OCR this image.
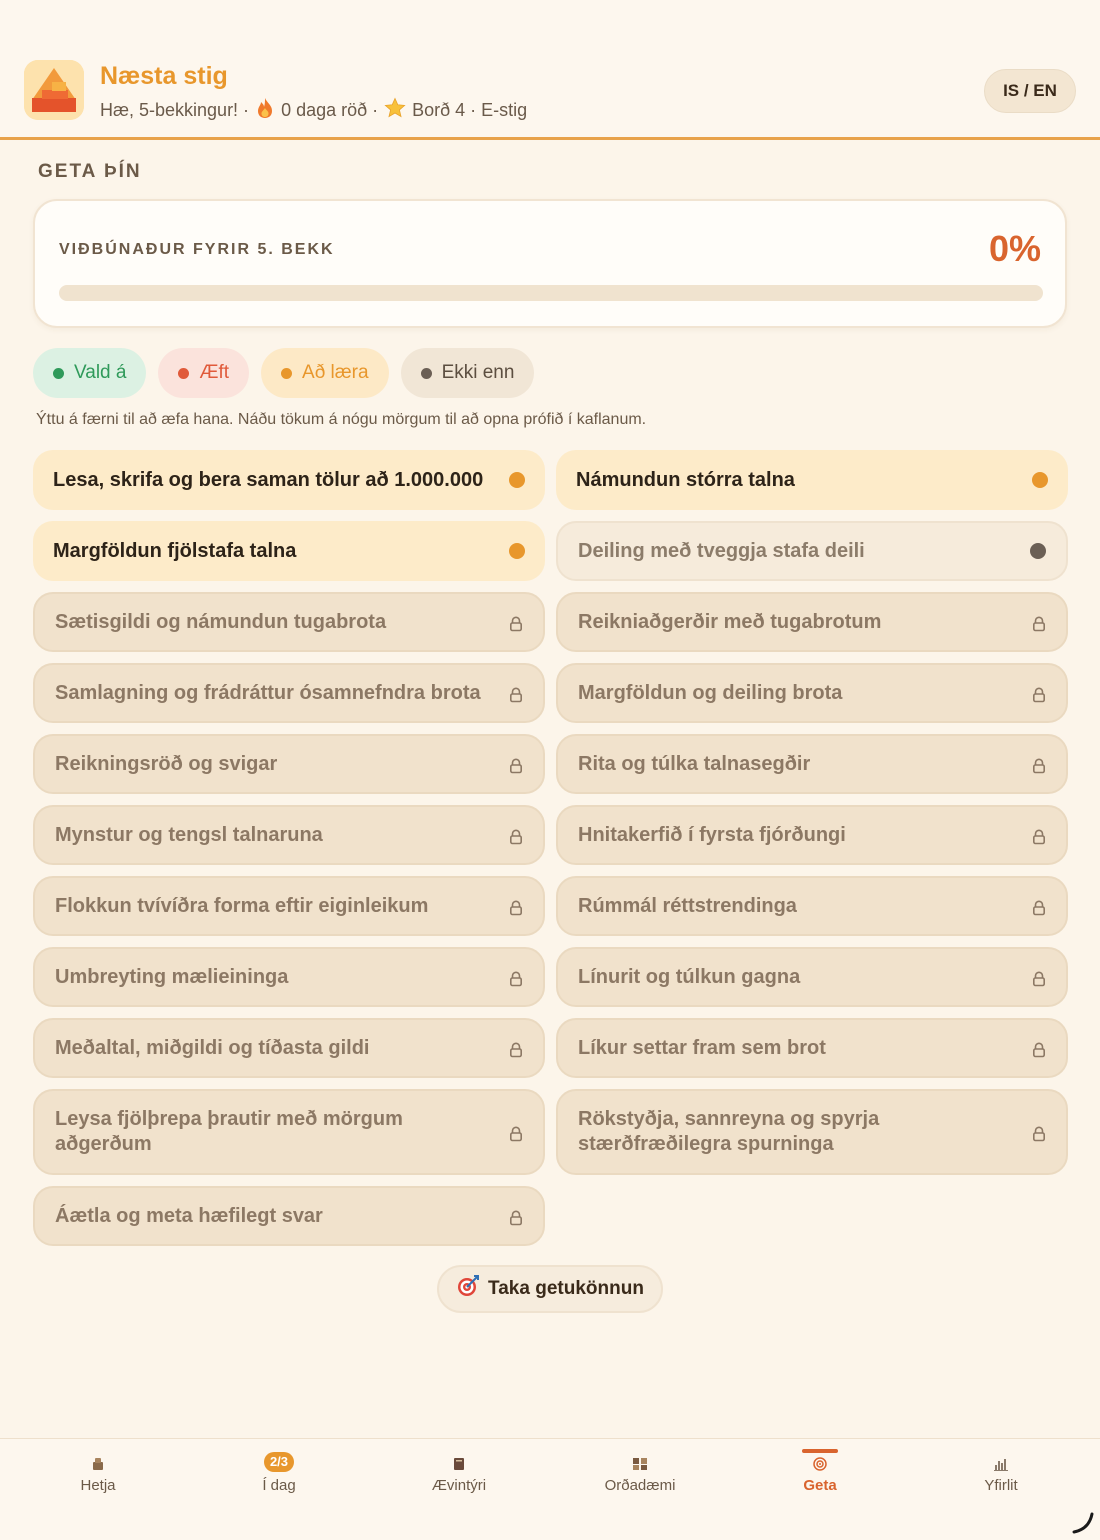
Næsta stig
Hæ, 5-bekkingur! · 0 daga röð · Borð 4 · E-stig
IS / EN
GETA ÞÍN
VIÐBÚNAÐUR FYRIR 5. BEKK	0%
Vald á	Æft	Að læra	Ekki enn
Ýttu á færni til að æfa hana. Náðu tökum á nógu mörgum til að opna prófið í kaflanum.
Lesa, skrifa og bera saman tölur að 1.000.000	Námundun stórra talna
Margföldun fjölstafa talna	Deiling með tveggja stafa deili
Sætisgildi og námundun tugabrota	Reikniaðgerðir með tugabrotum
Samlagning og frádráttur ósamnefndra brota	Margföldun og deiling brota
Reikningsröð og svigar	Rita og túlka talnasegðir
Mynstur og tengsl talnaruna	Hnitakerfið í fyrsta fjórðungi
Flokkun tvívíðra forma eftir eiginleikum	Rúmmál réttstrendinga
Umbreyting mælieininga	Línurit og túlkun gagna
Meðaltal, miðgildi og tíðasta gildi	Líkur settar fram sem brot
Leysa fjölþrepa þrautir með mörgum aðgerðum
Rökstyðja, sannreyna og spyrja stærðfræðilegra spurninga
Áætla og meta hæfilegt svar
Taka getukönnun
Hetja
2/3
Í dag	Ævintýri	Orðadæmi	Geta	Yfirlit
